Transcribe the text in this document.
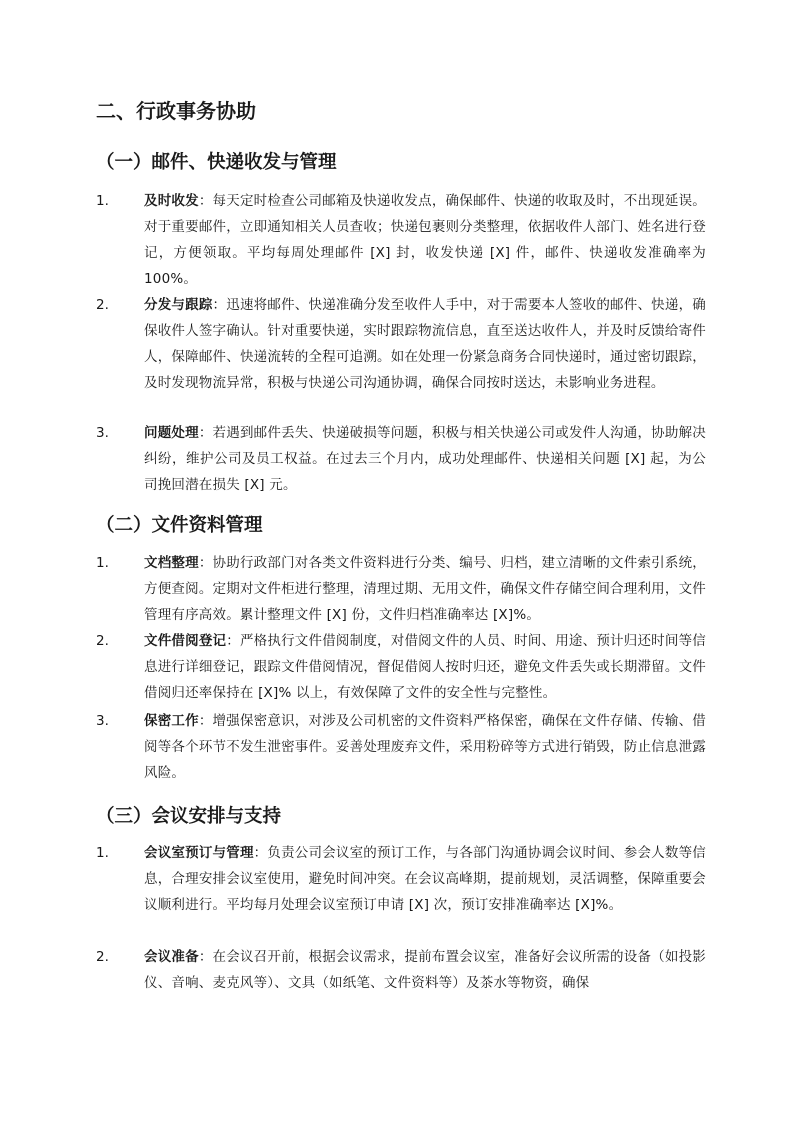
二、行政事务协助
（一）邮件、快递收发与管理
1.	及时收发：每天定时检查公司邮箱及快递收发点，确保邮件、快递的收取及时，不出现延误。对于重要邮件，立即通知相关人员查收；快递包裹则分类整理，依据收件人部门、姓名进行登记，方便领取。平均每周处理邮件 [X] 封，收发快递 [X] 件，邮件、快递收发准确率为 100%。
2.	分发与跟踪：迅速将邮件、快递准确分发至收件人手中，对于需要本人签收的邮件、快递，确保收件人签字确认。针对重要快递，实时跟踪物流信息，直至送达收件人，并及时反馈给寄件人，保障邮件、快递流转的全程可追溯。如在处理一份紧急商务合同快递时，通过密切跟踪，及时发现物流异常，积极与快递公司沟通协调，确保合同按时送达，未影响业务进程。
3.	问题处理：若遇到邮件丢失、快递破损等问题，积极与相关快递公司或发件人沟通，协助解决纠纷，维护公司及员工权益。在过去三个月内，成功处理邮件、快递相关问题 [X] 起，为公司挽回潜在损失 [X] 元。
（二）文件资料管理
1.	文档整理：协助行政部门对各类文件资料进行分类、编号、归档，建立清晰的文件索引系统，方便查阅。定期对文件柜进行整理，清理过期、无用文件，确保文件存储空间合理利用，文件管理有序高效。累计整理文件 [X] 份，文件归档准确率达 [X]%。
2.	文件借阅登记：严格执行文件借阅制度，对借阅文件的人员、时间、用途、预计归还时间等信息进行详细登记，跟踪文件借阅情况，督促借阅人按时归还，避免文件丢失或长期滞留。文件借阅归还率保持在 [X]% 以上，有效保障了文件的安全性与完整性。
3.	保密工作：增强保密意识，对涉及公司机密的文件资料严格保密，确保在文件存储、传输、借阅等各个环节不发生泄密事件。妥善处理废弃文件，采用粉碎等方式进行销毁，防止信息泄露风险。
（三）会议安排与支持
1.	会议室预订与管理：负责公司会议室的预订工作，与各部门沟通协调会议时间、参会人数等信息，合理安排会议室使用，避免时间冲突。在会议高峰期，提前规划，灵活调整，保障重要会议顺利进行。平均每月处理会议室预订申请 [X] 次，预订安排准确率达 [X]%。
2.	会议准备：在会议召开前，根据会议需求，提前布置会议室，准备好会议所需的设备（如投影仪、音响、麦克风等）、文具（如纸笔、文件资料等）及茶水等物资，确保
